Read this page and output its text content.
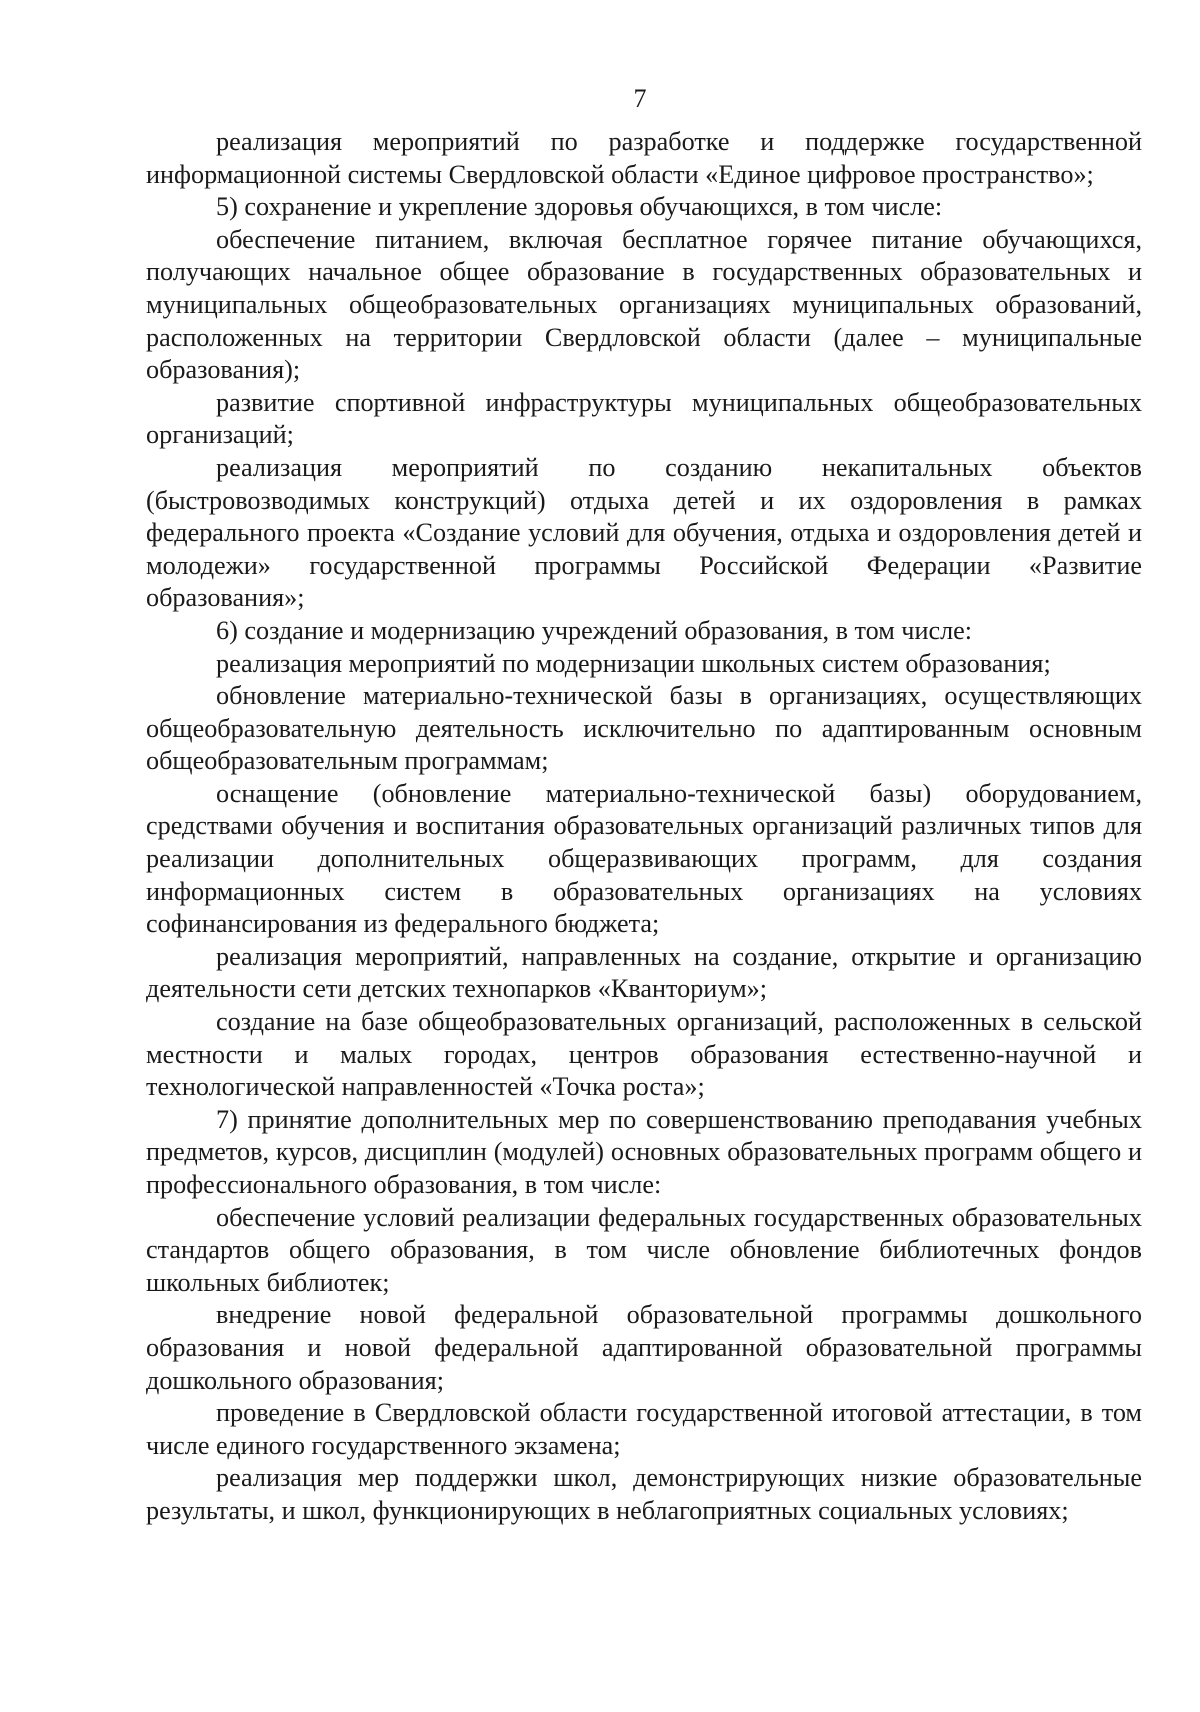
7

реализация мероприятий по разработке и поддержке государственной информационной системы Свердловской области «Единое цифровое пространство»;

5) сохранение и укрепление здоровья обучающихся, в том числе:

обеспечение питанием, включая бесплатное горячее питание обучающихся, получающих начальное общее образование в государственных образовательных и муниципальных общеобразовательных организациях муниципальных образований, расположенных на территории Свердловской области (далее – муниципальные образования);

развитие спортивной инфраструктуры муниципальных общеобразовательных организаций;

реализация мероприятий по созданию некапитальных объектов (быстровозводимых конструкций) отдыха детей и их оздоровления в рамках федерального проекта «Создание условий для обучения, отдыха и оздоровления детей и молодежи» государственной программы Российской Федерации «Развитие образования»;

6) создание и модернизацию учреждений образования, в том числе:

реализация мероприятий по модернизации школьных систем образования;

обновление материально-технической базы в организациях, осуществляющих общеобразовательную деятельность исключительно по адаптированным основным общеобразовательным программам;

оснащение (обновление материально-технической базы) оборудованием, средствами обучения и воспитания образовательных организаций различных типов для реализации дополнительных общеразвивающих программ, для создания информационных систем в образовательных организациях на условиях софинансирования из федерального бюджета;

реализация мероприятий, направленных на создание, открытие и организацию деятельности сети детских технопарков «Кванториум»;

создание на базе общеобразовательных организаций, расположенных в сельской местности и малых городах, центров образования естественно-научной и технологической направленностей «Точка роста»;

7) принятие дополнительных мер по совершенствованию преподавания учебных предметов, курсов, дисциплин (модулей) основных образовательных программ общего и профессионального образования, в том числе:

обеспечение условий реализации федеральных государственных образовательных стандартов общего образования, в том числе обновление библиотечных фондов школьных библиотек;

внедрение новой федеральной образовательной программы дошкольного образования и новой федеральной адаптированной образовательной программы дошкольного образования;

проведение в Свердловской области государственной итоговой аттестации, в том числе единого государственного экзамена;

реализация мер поддержки школ, демонстрирующих низкие образовательные результаты, и школ, функционирующих в неблагоприятных социальных условиях;
